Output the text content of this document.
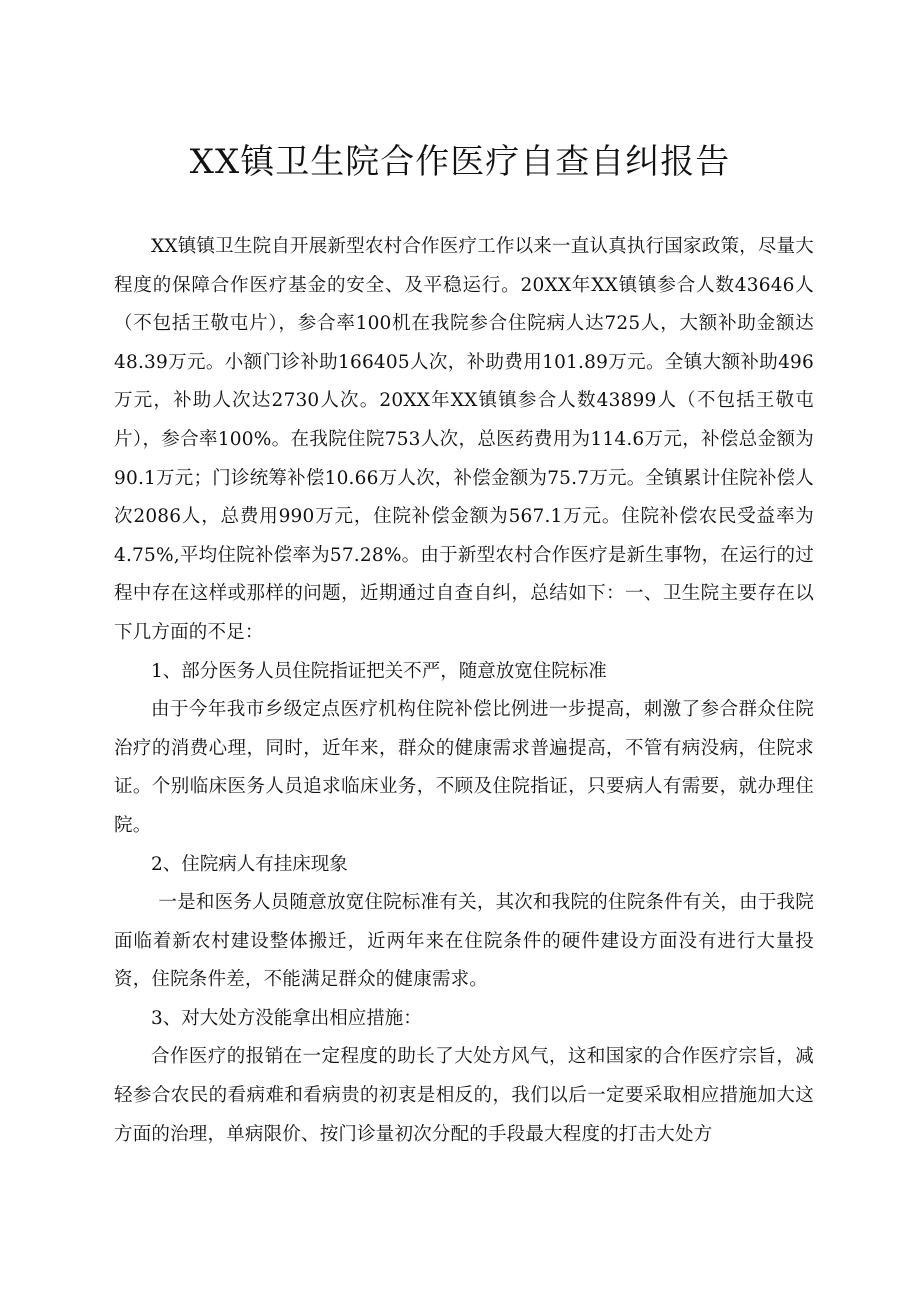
XX镇卫生院合作医疗自查自纠报告

XX镇镇卫生院自开展新型农村合作医疗工作以来一直认真执行国家政策，尽量大程度的保障合作医疗基金的安全、及平稳运行。20XX年XX镇镇参合人数43646人（不包括王敬屯片），参合率100机在我院参合住院病人达725人，大额补助金额达48.39万元。小额门诊补助166405人次，补助费用101.89万元。全镇大额补助496万元，补助人次达2730人次。20XX年XX镇镇参合人数43899人（不包括王敬屯片），参合率100%。在我院住院753人次，总医药费用为114.6万元，补偿总金额为90.1万元；门诊统筹补偿10.66万人次，补偿金额为75.7万元。全镇累计住院补偿人次2086人，总费用990万元，住院补偿金额为567.1万元。住院补偿农民受益率为4.75%,平均住院补偿率为57.28%。由于新型农村合作医疗是新生事物，在运行的过程中存在这样或那样的问题，近期通过自查自纠，总结如下：一、卫生院主要存在以下几方面的不足：

1、部分医务人员住院指证把关不严，随意放宽住院标准

由于今年我市乡级定点医疗机构住院补偿比例进一步提高，刺激了参合群众住院治疗的消费心理，同时，近年来，群众的健康需求普遍提高，不管有病没病，住院求证。个别临床医务人员追求临床业务，不顾及住院指证，只要病人有需要，就办理住院。

2、住院病人有挂床现象

一是和医务人员随意放宽住院标准有关，其次和我院的住院条件有关，由于我院面临着新农村建设整体搬迁，近两年来在住院条件的硬件建设方面没有进行大量投资，住院条件差，不能满足群众的健康需求。

3、对大处方没能拿出相应措施：

合作医疗的报销在一定程度的助长了大处方风气，这和国家的合作医疗宗旨，减轻参合农民的看病难和看病贵的初衷是相反的，我们以后一定要采取相应措施加大这方面的治理，单病限价、按门诊量初次分配的手段最大程度的打击大处方
